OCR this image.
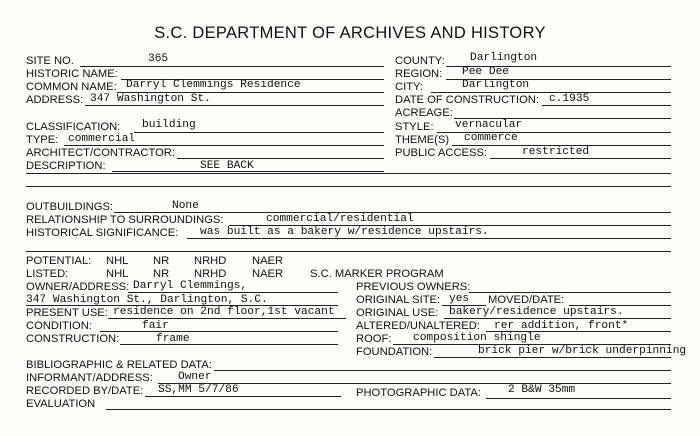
S.C. DEPARTMENT OF ARCHIVES AND HISTORY
SITE NO.	365
HISTORIC NAME:
COMMON NAME: Darryl Clemmings Residence
ADDRESS: 347 Washington St.
COUNTY: Darlington
REGION: Pee Dee
CITY:	Darlington
DATE OF CONSTRUCTION: c.1935
ACREAGE:
CLASSIFICATION: building
TYPE: commercial
ARCHITECT/CONTRACTOR:
DESCRIPTION:	SEE BACK
STYLE: vernacular
THEME(S) commerce
PUBLIC ACCESS:	restricted
OUTBUILDINGS:	None
RELATIONSHIP TO SURROUNDINGS:	commercial/residential
HISTORICAL SIGNIFICANCE: was built as a bakery w/residence upstairs.
POTENTIAL: NHL NR NRHD NAER
LISTED:	NHL NR NRHD NAER S.C. MARKER PROGRAM
OWNER/ADDRESS: Darryl Clemmings,
347 Washington St., Darlington, S.C.
PRESENT USE: residence on 2nd floor,1st vacant
CONDITION:	fair
CONSTRUCTION:	frame
PREVIOUS OWNERS:
ORIGINAL SITE: yes MOVED/DATE:
ORIGINAL USE: bakery/residence upstairs.
ALTERED/UNALTERED: rer addition, front*
ROOF: composition shingle
FOUNDATION:	brick pier w/brick underpinning
BIBLIOGRAPHIC & RELATED DATA:
INFORMANT/ADDRESS: Owner
RECORDED BY/DATE: SS,MM 5/7/86	PHOTOGRAPHIC DATA: 2 B&W 35mm
EVALUATION
